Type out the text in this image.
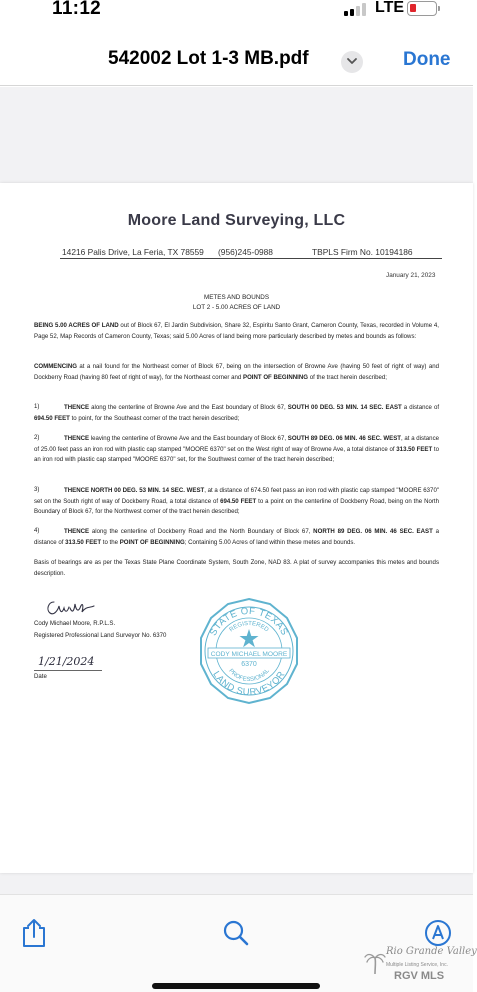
11:12	LTE
542002 Lot 1-3 MB.pdf	Done
Moore Land Surveying, LLC
14216 Palis Drive, La Feria, TX 78559 (956)245-0988	TBPLS Firm No. 10194186
January 21, 2023
METES AND BOUNDS
LOT 2 - 5.00 ACRES OF LAND
BEING 5.00 ACRES OF LAND out of Block 67, El Jardin Subdivision, Share 32, Espiritu Santo Grant, Cameron County, Texas, recorded in Volume 4, Page 52, Map Records of Cameron County, Texas; said 5.00 Acres of land being more particularly described by metes and bounds as follows:
COMMENCING at a nail found for the Northeast corner of Block 67, being on the intersection of Browne Ave (having 50 feet of right of way) and Dockberry Road (having 80 feet of right of way), for the Northeast corner and POINT OF BEGINNING of the tract herein described;
1)	THENCE along the centerline of Browne Ave and the East boundary of Block 67, SOUTH 00 DEG. 53 MIN. 14 SEC. EAST a distance of 694.50 FEET to point, for the Southeast corner of the tract herein described;
2)	THENCE leaving the centerline of Browne Ave and the East boundary of Block 67, SOUTH 89 DEG. 06 MIN. 46 SEC. WEST, at a distance of 25.00 feet pass an iron rod with plastic cap stamped "MOORE 6370" set on the West right of way of Browne Ave, a total distance of 313.50 FEET to an iron rod with plastic cap stamped "MOORE 6370" set, for the Southwest corner of the tract herein described;
3)	THENCE NORTH 00 DEG. 53 MIN. 14 SEC. WEST, at a distance of 674.50 feet pass an iron rod with plastic cap stamped "MOORE 6370" set on the South right of way of Dockberry Road, a total distance of 694.50 FEET to a point on the centerline of Dockberry Road, being on the North Boundary of Block 67, for the Northwest corner of the tract herein described;
4)	THENCE along the centerline of Dockberry Road and the North Boundary of Block 67, NORTH 89 DEG. 06 MIN. 46 SEC. EAST a distance of 313.50 FEET to the POINT OF BEGINNING; Containing 5.00 Acres of land within these metes and bounds.
Basis of bearings are as per the Texas State Plane Coordinate System, South Zone, NAD 83. A plat of survey accompanies this metes and bounds description.
Cody Michael Moore, R.P.L.S.
Registered Professional Land Surveyor No. 6370
1/21/2024
Date
STATE OF TEXAS
REGISTERED
CODY MICHAEL MOORE
6370
PROFESSIONAL
LAND SURVEYOR
Rio Grande Valley
Multiple Listing Service, Inc.
RGV MLS
